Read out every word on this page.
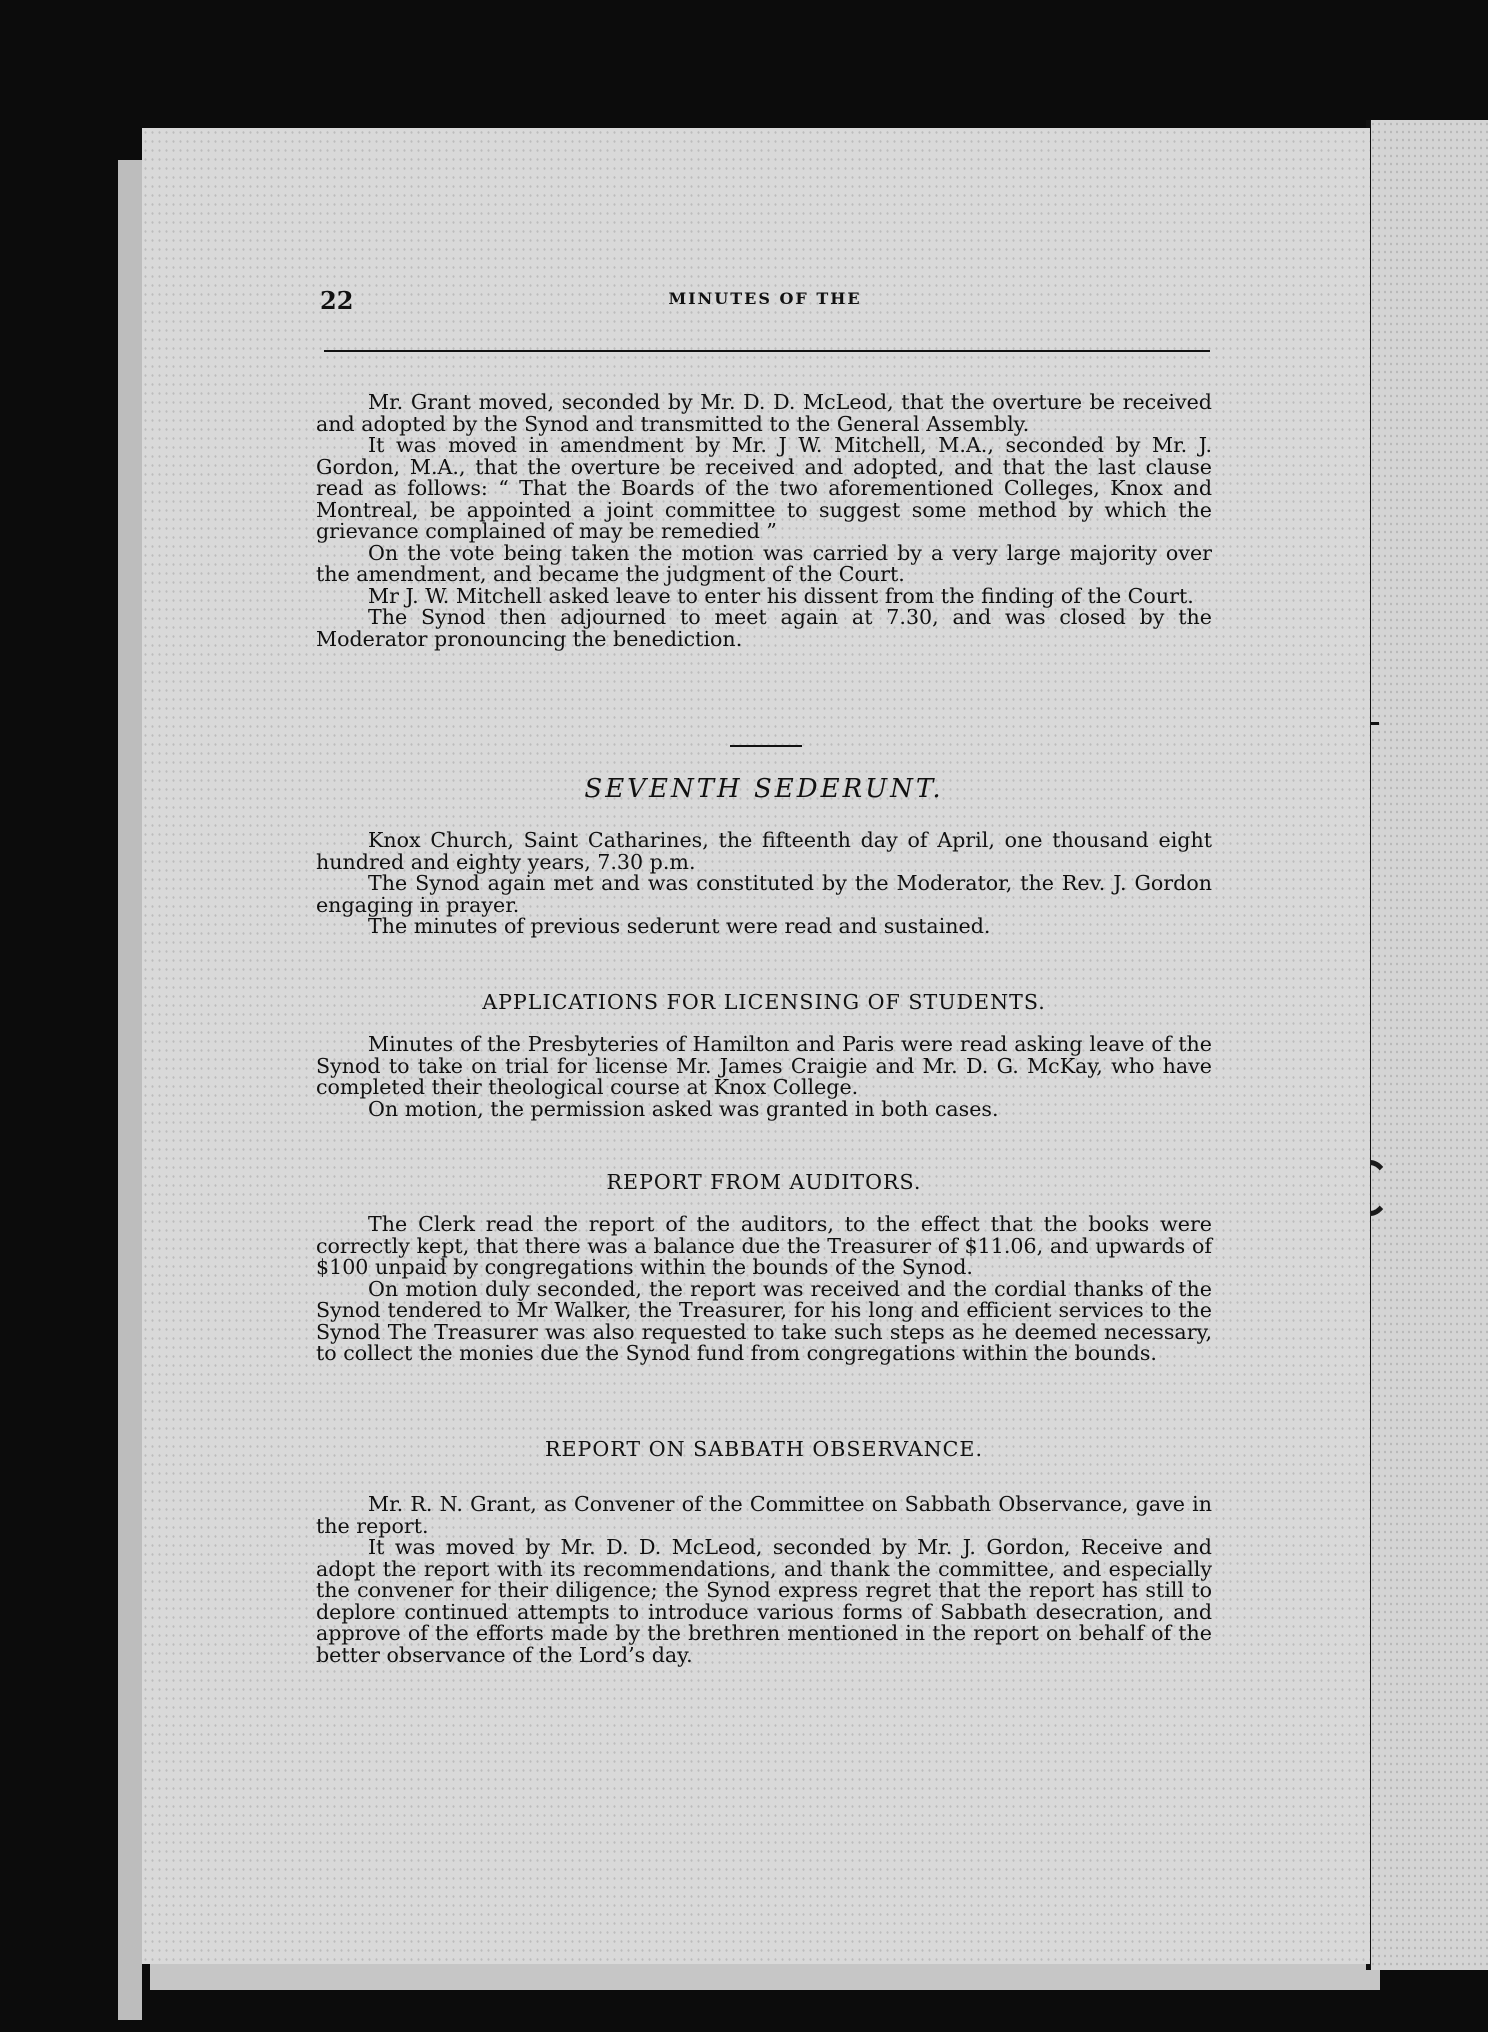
22	MINUTES OF THE

Mr. Grant moved, seconded by Mr. D. D. McLeod, that the overture be received and adopted by the Synod and transmitted to the General Assembly.

It was moved in amendment by Mr. J W. Mitchell, M.A., seconded by Mr. J. Gordon, M.A., that the overture be received and adopted, and that the last clause read as follows: “ That the Boards of the two aforementioned Colleges, Knox and Montreal, be appointed a joint committee to suggest some method by which the grievance complained of may be remedied ”

On the vote being taken the motion was carried by a very large majority over the amendment, and became the judgment of the Court.

Mr J. W. Mitchell asked leave to enter his dissent from the finding of the Court.

The Synod then adjourned to meet again at 7.30, and was closed by the Moderator pronouncing the benediction.

SEVENTH SEDERUNT.

Knox Church, Saint Catharines, the fifteenth day of April, one thousand eight hundred and eighty years, 7.30 p.m.

The Synod again met and was constituted by the Moderator, the Rev. J. Gordon engaging in prayer.

The minutes of previous sederunt were read and sustained.

APPLICATIONS FOR LICENSING OF STUDENTS.

Minutes of the Presbyteries of Hamilton and Paris were read asking leave of the Synod to take on trial for license Mr. James Craigie and Mr. D. G. McKay, who have completed their theological course at Knox College.

On motion, the permission asked was granted in both cases.

REPORT FROM AUDITORS.

The Clerk read the report of the auditors, to the effect that the books were correctly kept, that there was a balance due the Treasurer of $11.06, and upwards of $100 unpaid by congregations within the bounds of the Synod.

On motion duly seconded, the report was received and the cordial thanks of the Synod tendered to Mr Walker, the Treasurer, for his long and efficient services to the Synod The Treasurer was also requested to take such steps as he deemed necessary, to collect the monies due the Synod fund from congregations within the bounds.

REPORT ON SABBATH OBSERVANCE.

Mr. R. N. Grant, as Convener of the Committee on Sabbath Observance, gave in the report.

It was moved by Mr. D. D. McLeod, seconded by Mr. J. Gordon, Receive and adopt the report with its recommendations, and thank the committee, and especially the convener for their diligence; the Synod express regret that the report has still to deplore continued attempts to introduce various forms of Sabbath desecration, and approve of the efforts made by the brethren mentioned in the report on behalf of the better observance of the Lord’s day.
